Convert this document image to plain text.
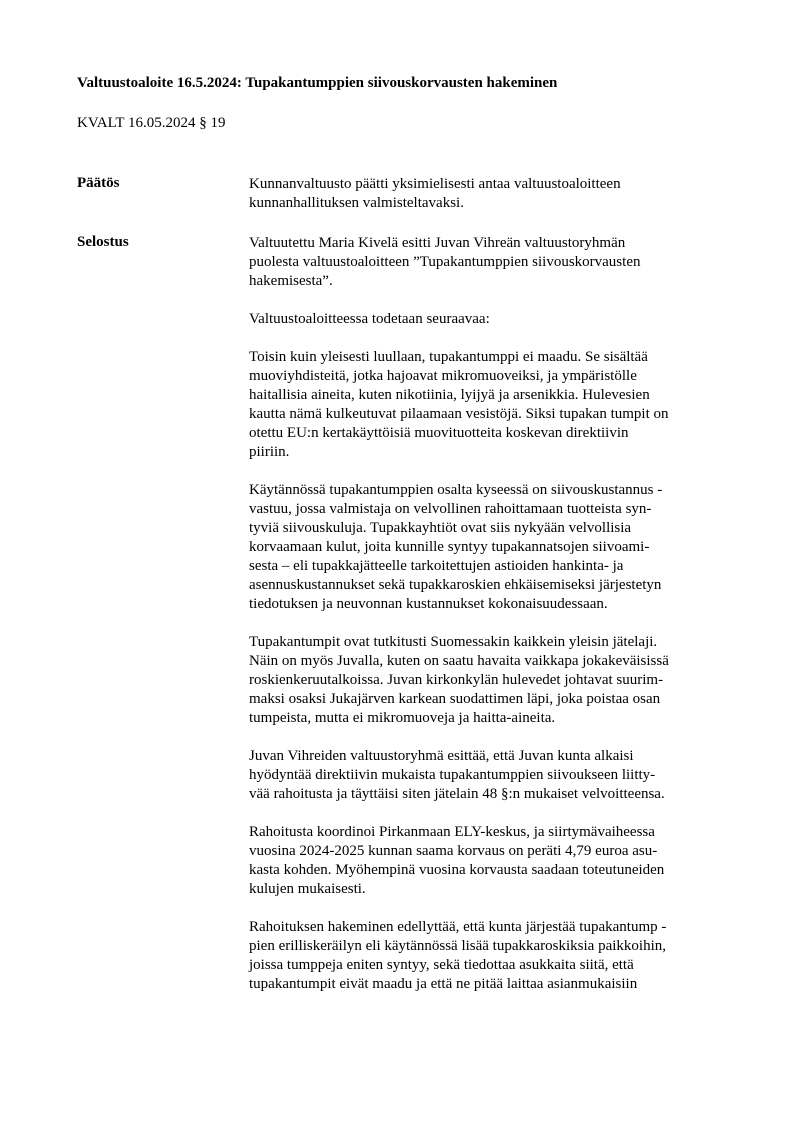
Valtuustoaloite 16.5.2024: Tupakantumppien siivouskorvausten hakeminen
KVALT 16.05.2024 § 19
Päätös	Kunnanvaltuusto päätti yksimielisesti antaa valtuustoaloitteen
kunnanhallituksen valmisteltavaksi.

Selostus	Valtuutettu Maria Kivelä esitti Juvan Vihreän valtuustoryhmän
puolesta valtuustoaloitteen ”Tupakantumppien siivouskorvausten
hakemisesta”.

Valtuustoaloitteessa todetaan seuraavaa:

Toisin kuin yleisesti luullaan, tupakantumppi ei maadu. Se sisältää
muoviyhdisteitä, jotka hajoavat mikromuoveiksi, ja ympäristölle
haitallisia aineita, kuten nikotiinia, lyijyä ja arsenikkia. Hulevesien
kautta nämä kulkeutuvat pilaamaan vesistöjä. Siksi tupakan tumpit on
otettu EU:n kertakäyttöisiä muovituotteita koskevan direktiivin
piiriin.

Käytännössä tupakantumppien osalta kyseessä on siivouskustannus -
vastuu, jossa valmistaja on velvollinen rahoittamaan tuotteista syn-
tyviä siivouskuluja. Tupakkayhtiöt ovat siis nykyään velvollisia
korvaamaan kulut, joita kunnille syntyy tupakannatsojen siivoami-
sesta – eli tupakkajätteelle tarkoitettujen astioiden hankinta- ja
asennuskustannukset sekä tupakkaroskien ehkäisemiseksi järjestetyn
tiedotuksen ja neuvonnan kustannukset kokonaisuudessaan.

Tupakantumpit ovat tutkitusti Suomessakin kaikkein yleisin jätelaji.
Näin on myös Juvalla, kuten on saatu havaita vaikkapa jokakeväisissä
roskienkeruutalkoissa. Juvan kirkonkylän hulevedet johtavat suurim-
maksi osaksi Jukajärven karkean suodattimen läpi, joka poistaa osan
tumpeista, mutta ei mikromuoveja ja haitta-aineita.

Juvan Vihreiden valtuustoryhmä esittää, että Juvan kunta alkaisi
hyödyntää direktiivin mukaista tupakantumppien siivoukseen liitty-
vää rahoitusta ja täyttäisi siten jätelain 48 §:n mukaiset velvoitteensa.

Rahoitusta koordinoi Pirkanmaan ELY-keskus, ja siirtymävaiheessa
vuosina 2024-2025 kunnan saama korvaus on peräti 4,79 euroa asu-
kasta kohden. Myöhempinä vuosina korvausta saadaan toteutuneiden
kulujen mukaisesti.

Rahoituksen hakeminen edellyttää, että kunta järjestää tupakantump -
pien erilliskeräilyn eli käytännössä lisää tupakkaroskiksia paikkoihin,
joissa tumppeja eniten syntyy, sekä tiedottaa asukkaita siitä, että
tupakantumpit eivät maadu ja että ne pitää laittaa asianmukaisiin
